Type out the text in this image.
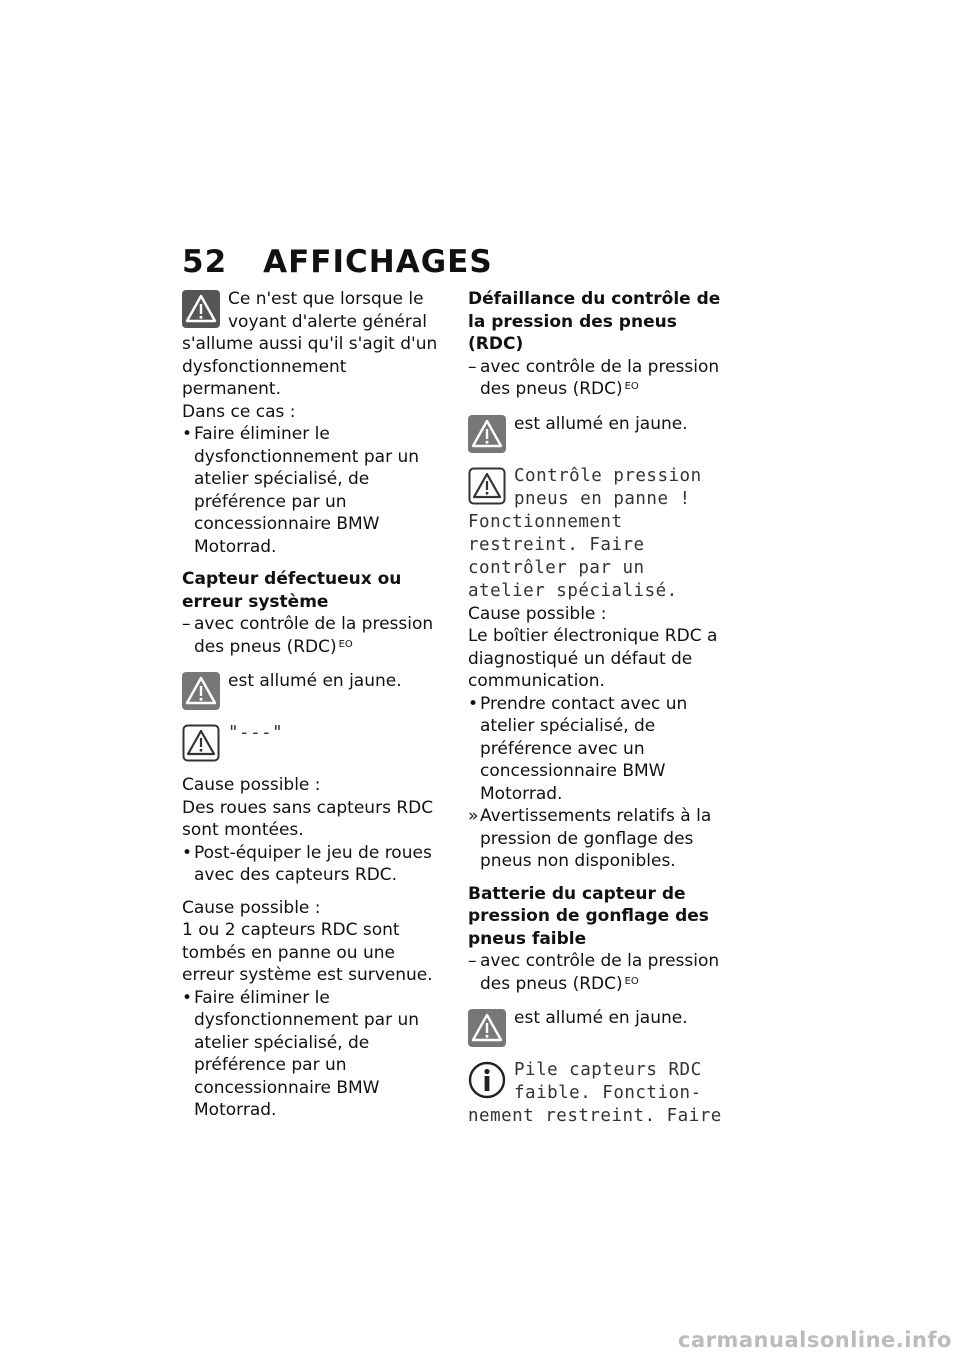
52 AFFICHAGES

Ce n'est que lorsque le

voyant d'alerte général

s'allume aussi qu'il s'agit d'un dysfonctionnement permanent.

Dans ce cas :

• Faire éliminer le dysfonctionnement par un atelier spécialisé, de préférence par un concessionnaire BMW Motorrad.

Capteur défectueux ou erreur système

– avec contrôle de la pression des pneus (RDC) $^{EO}$

est allumé en jaune.

"---"

Cause possible :

Des roues sans capteurs RDC sont montées.

• Post-équiper le jeu de roues avec des capteurs RDC.

Cause possible :

1 ou 2 capteurs RDC sont tombés en panne ou une erreur système est survenue.

• Faire éliminer le dysfonctionnement par un atelier spécialisé, de préférence par un concessionnaire BMW Motorrad.

Défaillance du contrôle de la pression des pneus (RDC)

– avec contrôle de la pression des pneus (RDC) $^{EO}$

est allumé en jaune.

Contrôle pression

pneus en panne !

Fonctionnement restreint. Faire contrôler par un atelier spécialisé.

Cause possible :

Le boîtier électronique RDC a diagnostiqué un défaut de communication.

• Prendre contact avec un atelier spécialisé, de préférence avec un concessionnaire BMW Motorrad.
» Avertissements relatifs à la pression de gonflage des pneus non disponibles.

Batterie du capteur de pression de gonflage des pneus faible

– avec contrôle de la pression des pneus (RDC) $^{EO}$

est allumé en jaune.

Pile capteurs RDC

faible. Fonction-

nement restreint. Faire

carmanualsonline.info
